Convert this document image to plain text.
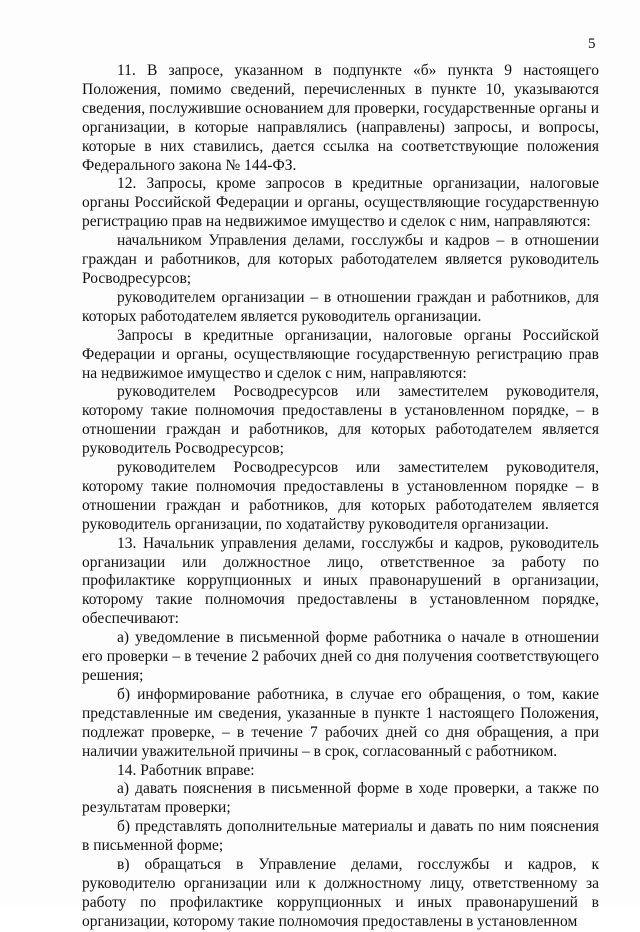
5

11. В запросе, указанном в подпункте «б» пункта 9 настоящего Положения, помимо сведений, перечисленных в пункте 10, указываются сведения, послужившие основанием для проверки, государственные органы и организации, в которые направлялись (направлены) запросы, и вопросы, которые в них ставились, дается ссылка на соответствующие положения Федерального закона № 144-ФЗ.

12. Запросы, кроме запросов в кредитные организации, налоговые органы Российской Федерации и органы, осуществляющие государственную регистрацию прав на недвижимое имущество и сделок с ним, направляются:

начальником Управления делами, госслужбы и кадров – в отношении граждан и работников, для которых работодателем является руководитель Росводресурсов;

руководителем организации – в отношении граждан и работников, для которых работодателем является руководитель организации.

Запросы в кредитные организации, налоговые органы Российской Федерации и органы, осуществляющие государственную регистрацию прав на недвижимое имущество и сделок с ним, направляются:

руководителем Росводресурсов или заместителем руководителя, которому такие полномочия предоставлены в установленном порядке, – в отношении граждан и работников, для которых работодателем является руководитель Росводресурсов;

руководителем Росводресурсов или заместителем руководителя, которому такие полномочия предоставлены в установленном порядке – в отношении граждан и работников, для которых работодателем является руководитель организации, по ходатайству руководителя организации.

13. Начальник управления делами, госслужбы и кадров, руководитель организации или должностное лицо, ответственное за работу по профилактике коррупционных и иных правонарушений в организации, которому такие полномочия предоставлены в установленном порядке, обеспечивают:

а) уведомление в письменной форме работника о начале в отношении его проверки – в течение 2 рабочих дней со дня получения соответствующего решения;

б) информирование работника, в случае его обращения, о том, какие представленные им сведения, указанные в пункте 1 настоящего Положения, подлежат проверке, – в течение 7 рабочих дней со дня обращения, а при наличии уважительной причины – в срок, согласованный с работником.

14. Работник вправе:

а) давать пояснения в письменной форме в ходе проверки, а также по результатам проверки;

б) представлять дополнительные материалы и давать по ним пояснения в письменной форме;

в) обращаться в Управление делами, госслужбы и кадров, к руководителю организации или к должностному лицу, ответственному за работу по профилактике коррупционных и иных правонарушений в организации, которому такие полномочия предоставлены в установленном
